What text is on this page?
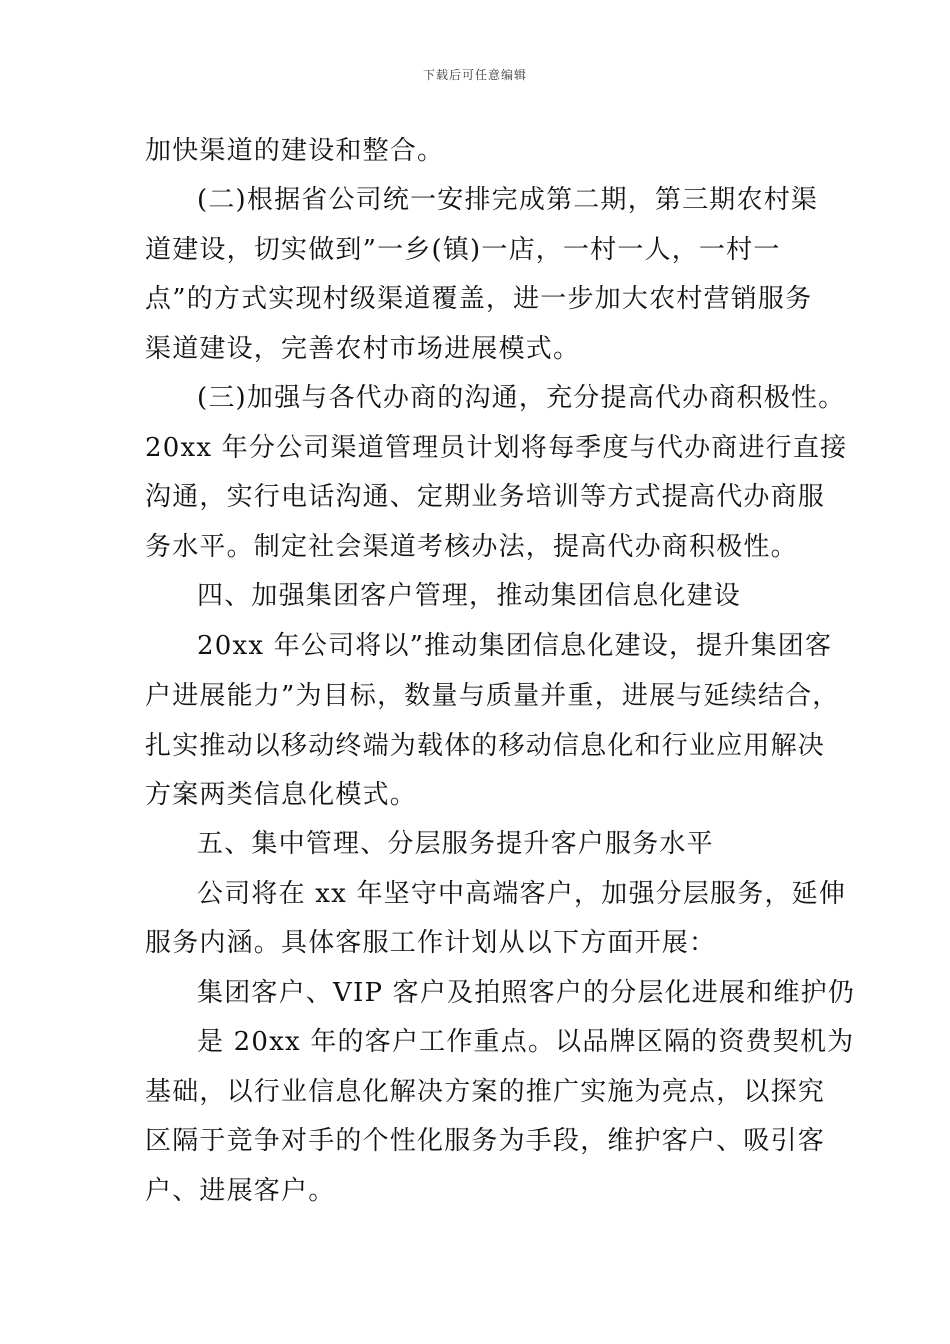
下载后可任意编辑

加快渠道的建设和整合。

(二)根据省公司统一安排完成第二期，第三期农村渠

道建设，切实做到”一乡(镇)一店，一村一人，一村一

点”的方式实现村级渠道覆盖，进一步加大农村营销服务

渠道建设，完善农村市场进展模式。

(三)加强与各代办商的沟通，充分提高代办商积极性。

20xx 年分公司渠道管理员计划将每季度与代办商进行直接

沟通，实行电话沟通、定期业务培训等方式提高代办商服

务水平。制定社会渠道考核办法，提高代办商积极性。

四、加强集团客户管理，推动集团信息化建设

20xx 年公司将以”推动集团信息化建设，提升集团客

户进展能力”为目标，数量与质量并重，进展与延续结合，

扎实推动以移动终端为载体的移动信息化和行业应用解决

方案两类信息化模式。

五、集中管理、分层服务提升客户服务水平

公司将在 xx 年坚守中高端客户，加强分层服务，延伸

服务内涵。具体客服工作计划从以下方面开展：

集团客户、VIP 客户及拍照客户的分层化进展和维护仍

是 20xx 年的客户工作重点。以品牌区隔的资费契机为

基础，以行业信息化解决方案的推广实施为亮点，以探究

区隔于竞争对手的个性化服务为手段，维护客户、吸引客

户、进展客户。
